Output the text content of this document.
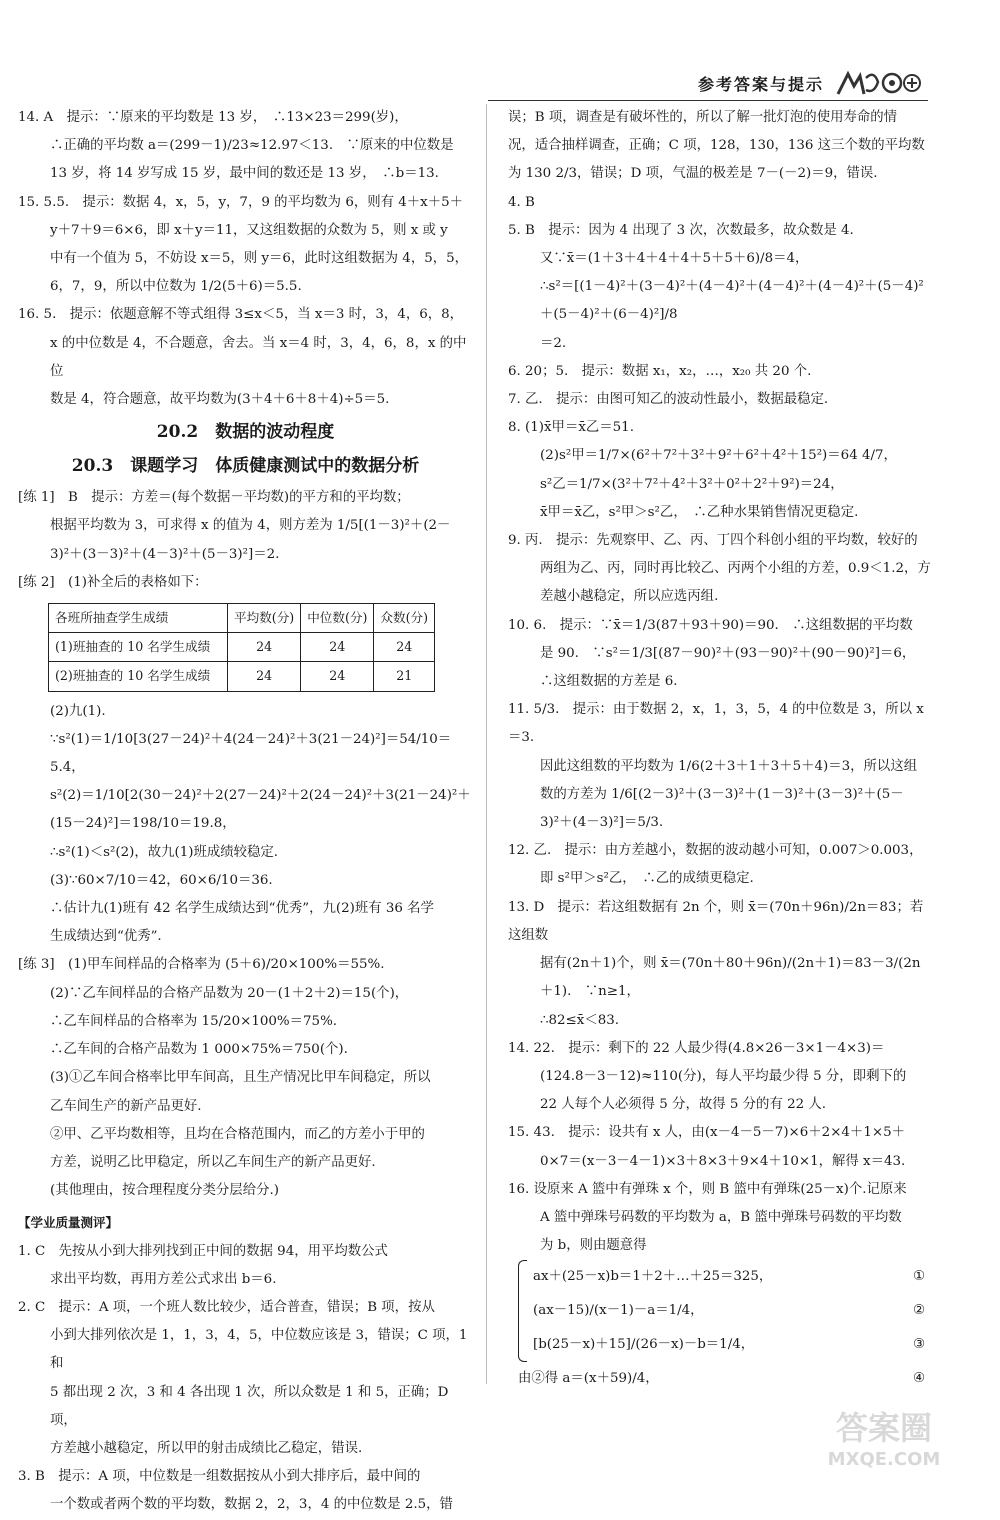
参考答案与提示
14. A　提示：∵原来的平均数是 13 岁，　∴13×23＝299(岁)，
∴正确的平均数 a＝(299－1)/23≈12.97＜13.　∵原来的中位数是
13 岁，将 14 岁写成 15 岁，最中间的数还是 13 岁，　∴b＝13.
15. 5.5.　提示：数据 4，x，5，y，7，9 的平均数为 6，则有 4＋x＋5＋
y＋7＋9＝6×6，即 x＋y＝11，又这组数据的众数为 5，则 x 或 y
中有一个值为 5，不妨设 x＝5，则 y＝6，此时这组数据为 4，5，5，
6，7，9，所以中位数为 1/2(5＋6)＝5.5.
16. 5.　提示：依题意解不等式组得 3≤x＜5，当 x＝3 时，3，4，6，8，
x 的中位数是 4，不合题意，舍去。当 x＝4 时，3，4，6，8，x 的中位
数是 4，符合题意，故平均数为(3＋4＋6＋8＋4)÷5＝5.
20.2　数据的波动程度
20.3　课题学习　体质健康测试中的数据分析
[练 1]　B　提示：方差＝(每个数据－平均数)的平方和的平均数；
根据平均数为 3，可求得 x 的值为 4，则方差为 1/5[(1－3)²＋(2－
3)²＋(3－3)²＋(4－3)²＋(5－3)²]＝2.
[练 2]　(1)补全后的表格如下：
各班所抽查学生成绩	平均数(分)	中位数(分)	众数(分)
(1)班抽查的 10 名学生成绩	24	24	24
(2)班抽查的 10 名学生成绩	24	24	21
(2)九(1).
∵s²(1)＝1/10[3(27－24)²＋4(24－24)²＋3(21－24)²]＝54/10＝5.4，
s²(2)＝1/10[2(30－24)²＋2(27－24)²＋2(24－24)²＋3(21－24)²＋
(15－24)²]＝198/10＝19.8，
∴s²(1)＜s²(2)，故九(1)班成绩较稳定.
(3)∵60×7/10＝42，60×6/10＝36.
∴估计九(1)班有 42 名学生成绩达到“优秀”，九(2)班有 36 名学
生成绩达到“优秀”.
[练 3]　(1)甲车间样品的合格率为 (5＋6)/20×100%＝55%.
(2)∵乙车间样品的合格产品数为 20－(1＋2＋2)＝15(个)，
∴乙车间样品的合格率为 15/20×100%＝75%.
∴乙车间的合格产品数为 1 000×75%＝750(个).
(3)①乙车间合格率比甲车间高，且生产情况比甲车间稳定，所以
乙车间生产的新产品更好.
②甲、乙平均数相等，且均在合格范围内，而乙的方差小于甲的
方差，说明乙比甲稳定，所以乙车间生产的新产品更好.
(其他理由，按合理程度分类分层给分.)
【学业质量测评】
1. C　先按从小到大排列找到正中间的数据 94，用平均数公式
求出平均数，再用方差公式求出 b＝6.
2. C　提示：A 项，一个班人数比较少，适合普查，错误；B 项，按从
小到大排列依次是 1，1，3，4，5，中位数应该是 3，错误；C 项，1 和
5 都出现 2 次，3 和 4 各出现 1 次，所以众数是 1 和 5，正确；D 项，
方差越小越稳定，所以甲的射击成绩比乙稳定，错误.
3. B　提示：A 项，中位数是一组数据按从小到大排序后，最中间的
一个数或者两个数的平均数，数据 2，2，3，4 的中位数是 2.5，错
误；B 项，调查是有破坏性的，所以了解一批灯泡的使用寿命的情
况，适合抽样调查，正确；C 项，128，130，136 这三个数的平均数
为 130 2/3，错误；D 项，气温的极差是 7－(－2)＝9，错误.
4. B
5. B　提示：因为 4 出现了 3 次，次数最多，故众数是 4.
又∵x̄＝(1＋3＋4＋4＋4＋5＋5＋6)/8＝4，
∴s²＝[(1－4)²＋(3－4)²＋(4－4)²＋(4－4)²＋(4－4)²＋(5－4)²＋(5－4)²＋(6－4)²]/8
＝2.
6. 20；5.　提示：数据 x₁，x₂，…，x₂₀ 共 20 个.
7. 乙.　提示：由图可知乙的波动性最小，数据最稳定.
8. (1)x̄甲＝x̄乙＝51.
(2)s²甲＝1/7×(6²＋7²＋3²＋9²＋6²＋4²＋15²)＝64 4/7，
s²乙＝1/7×(3²＋7²＋4²＋3²＋0²＋2²＋9²)＝24，
x̄甲＝x̄乙，s²甲＞s²乙，　∴乙种水果销售情况更稳定.
9. 丙.　提示：先观察甲、乙、丙、丁四个科创小组的平均数，较好的
两组为乙、丙，同时再比较乙、丙两个小组的方差，0.9＜1.2，方
差越小越稳定，所以应选丙组.
10. 6.　提示：∵x̄＝1/3(87＋93＋90)＝90.　∴这组数据的平均数
是 90.　∵s²＝1/3[(87－90)²＋(93－90)²＋(90－90)²]＝6，
∴这组数据的方差是 6.
11. 5/3.　提示：由于数据 2，x，1，3，5，4 的中位数是 3，所以 x＝3.
因此这组数的平均数为 1/6(2＋3＋1＋3＋5＋4)＝3，所以这组
数的方差为 1/6[(2－3)²＋(3－3)²＋(1－3)²＋(3－3)²＋(5－
3)²＋(4－3)²]＝5/3.
12. 乙.　提示：由方差越小，数据的波动越小可知，0.007＞0.003，
即 s²甲＞s²乙，　∴乙的成绩更稳定.
13. D　提示：若这组数据有 2n 个，则 x̄＝(70n＋96n)/2n＝83；若这组数
据有(2n＋1)个，则 x̄＝(70n＋80＋96n)/(2n＋1)＝83－3/(2n＋1).　∵n≥1，
∴82≤x̄＜83.
14. 22.　提示：剩下的 22 人最少得(4.8×26－3×1－4×3)＝
(124.8－3－12)≈110(分)，每人平均最少得 5 分，即剩下的
22 人每个人必须得 5 分，故得 5 分的有 22 人.
15. 43.　提示：设共有 x 人，由(x－4－5－7)×6＋2×4＋1×5＋
0×7＝(x－3－4－1)×3＋8×3＋9×4＋10×1，解得 x＝43.
16. 设原来 A 篮中有弹珠 x 个，则 B 篮中有弹珠(25－x)个.记原来
A 篮中弹珠号码数的平均数为 a，B 篮中弹珠号码数的平均数
为 b，则由题意得
ax＋(25－x)b＝1＋2＋…＋25＝325，	①
(ax－15)/(x－1)－a＝1/4，	②
[b(25－x)＋15]/(26－x)－b＝1/4，	③
由②得 a＝(x＋59)/4，	④
答案圈
MXQE.COM
